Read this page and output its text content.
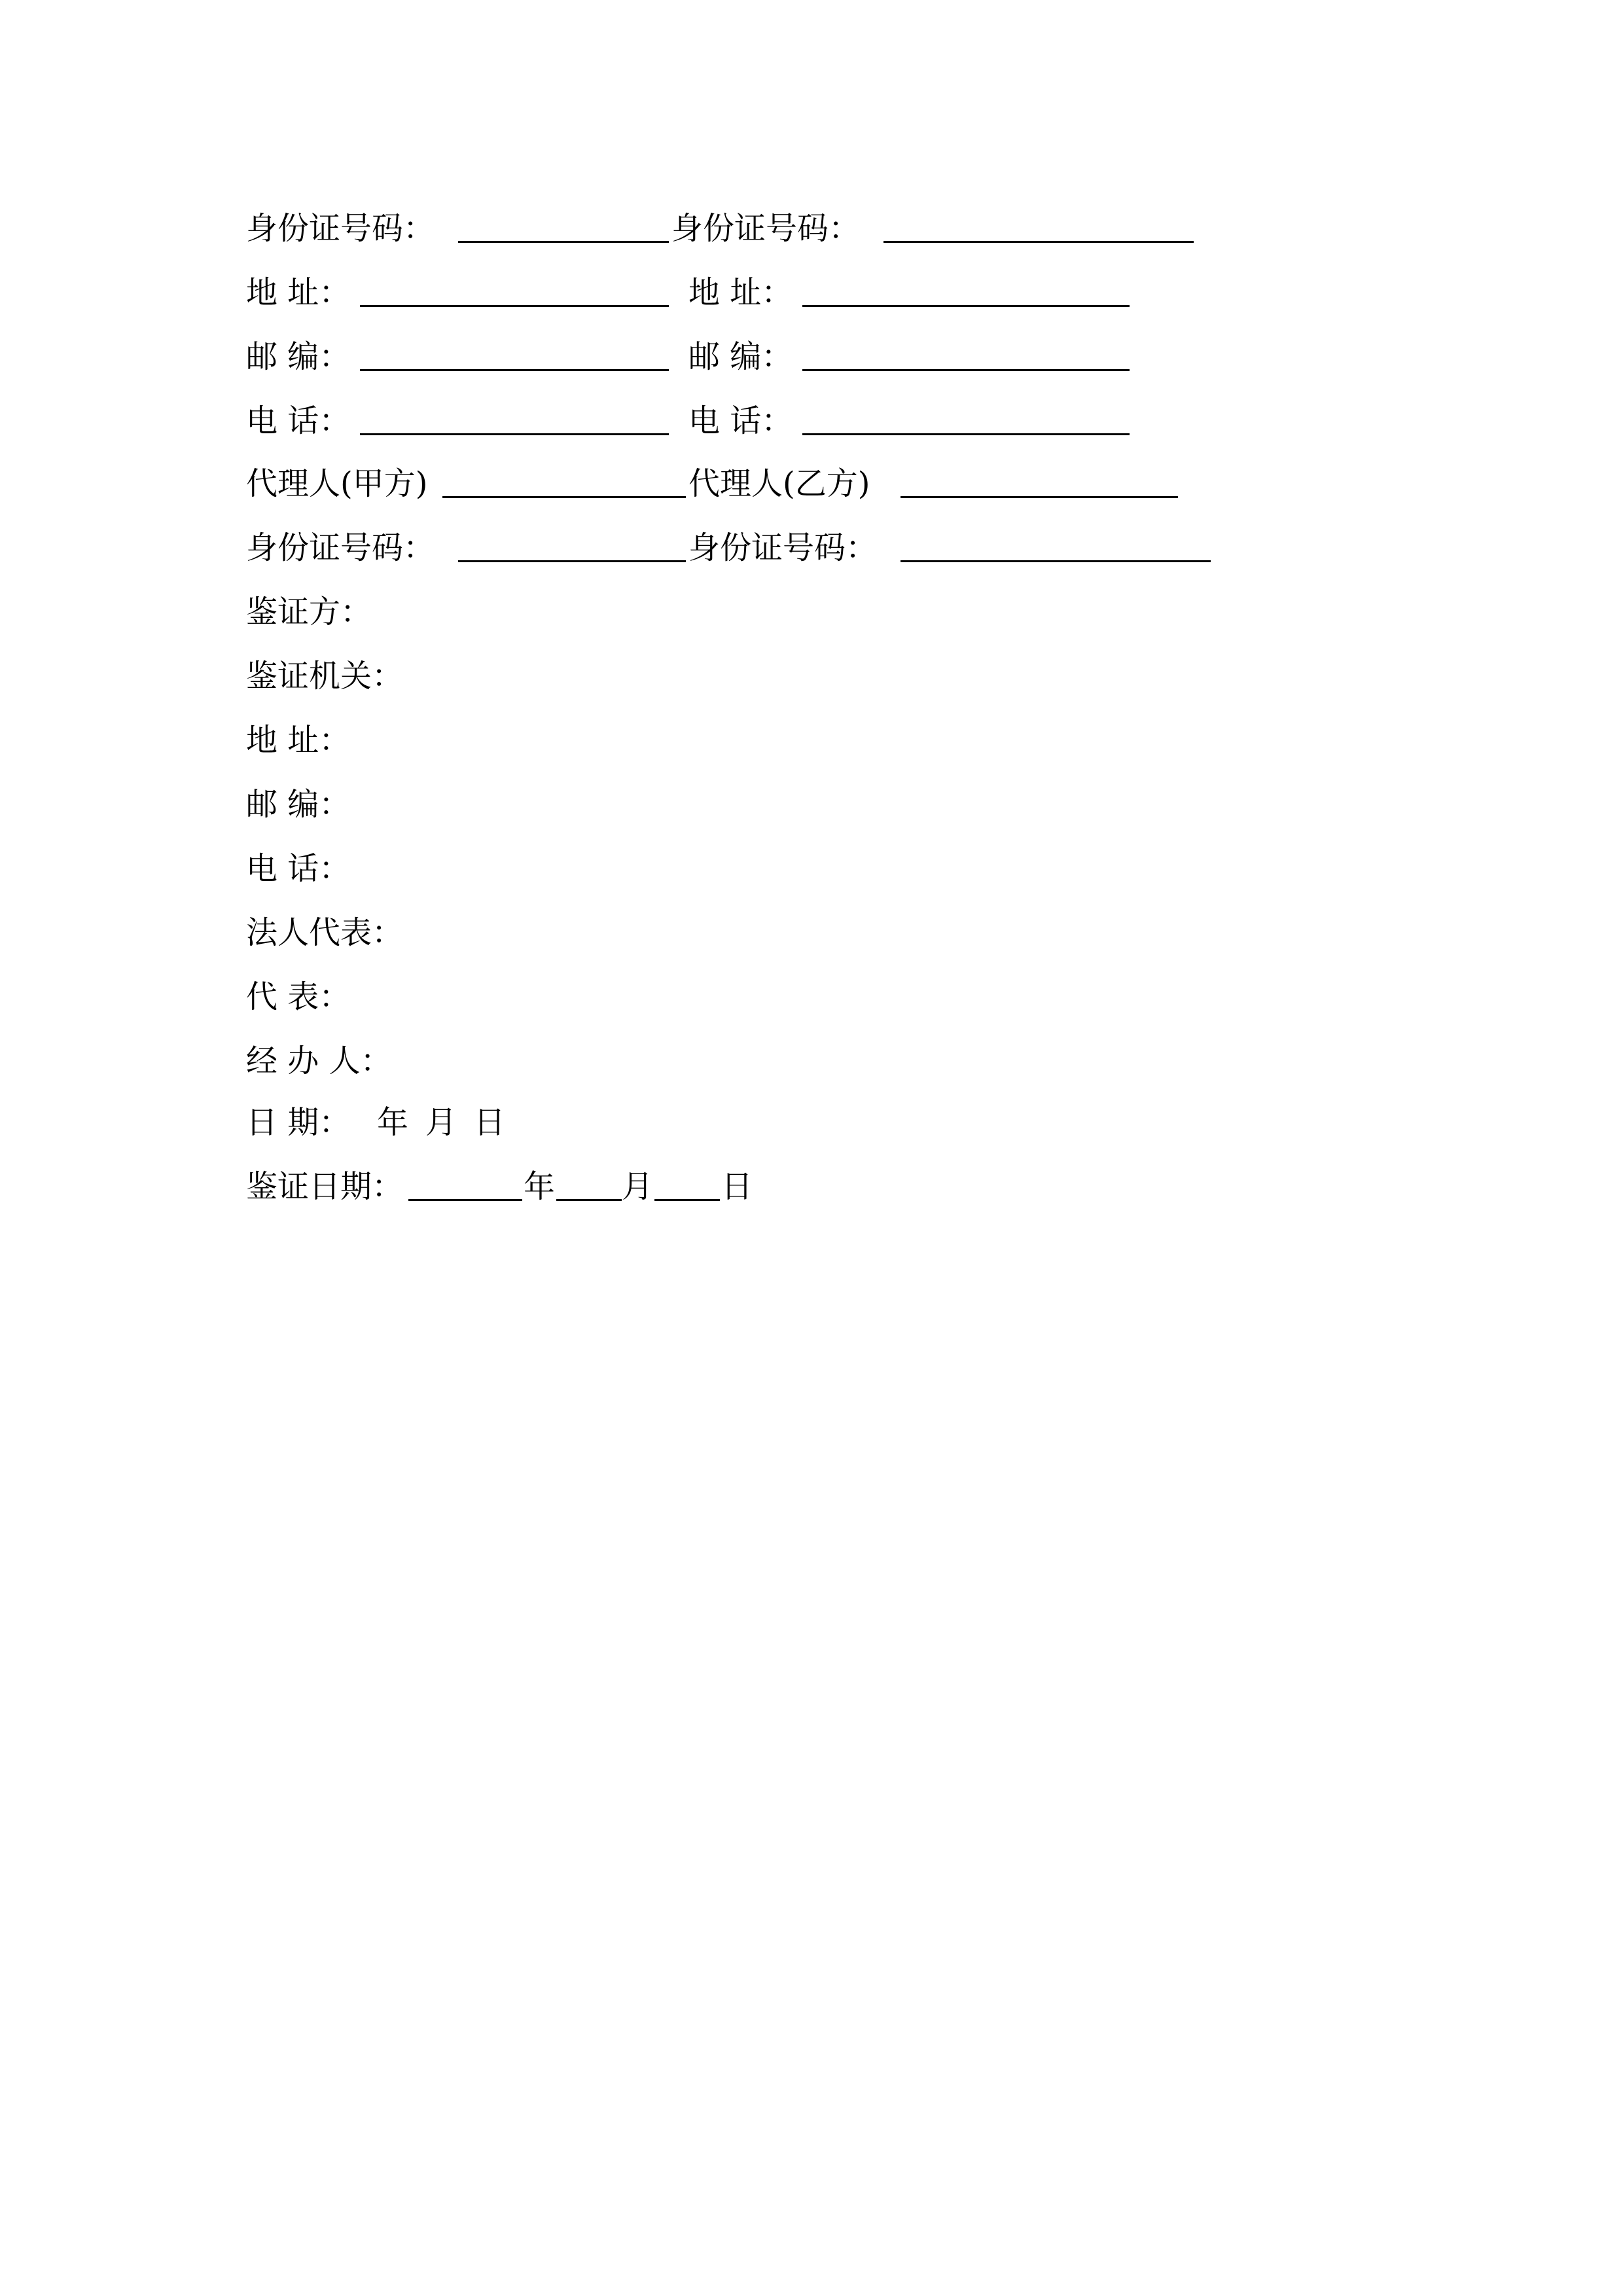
身份证号码：	身份证号码：
地 址：	地 址：
邮 编：	邮 编：
电 话：	电 话：
代理人(甲方)	代理人(乙方)
身份证号码：	身份证号码：
鉴证方：
鉴证机关：
地 址：
邮 编：
电 话：
法人代表：
代 表：
经 办 人：
日 期： 年 月 日
鉴证日期：	年 月 日
